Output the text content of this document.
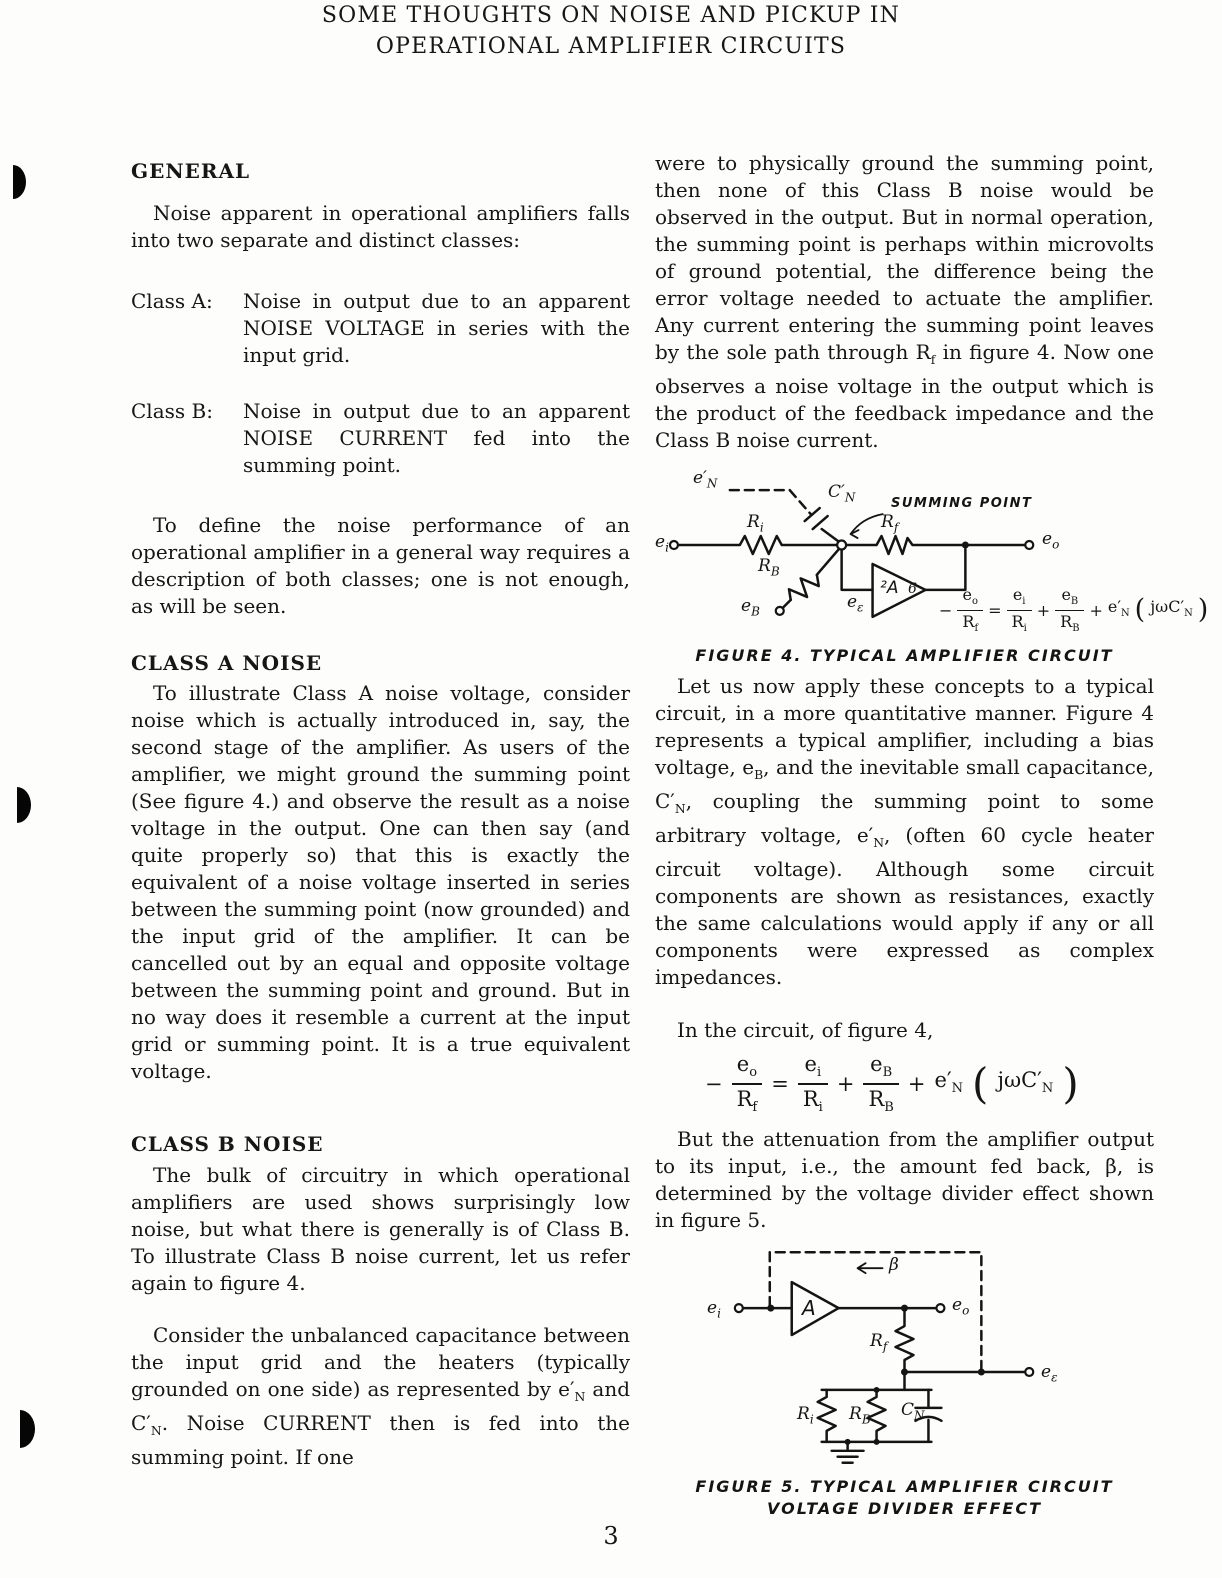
SOME THOUGHTS ON NOISE AND PICKUP IN
OPERATIONAL AMPLIFIER CIRCUITS
GENERAL

Noise apparent in operational amplifiers falls into two separate and distinct classes:

Class A:	Noise in output due to an apparent NOISE VOLTAGE in series with the input grid.
Class B:	Noise in output due to an apparent NOISE CURRENT fed into the summing point.

To define the noise performance of an operational amplifier in a general way requires a description of both classes; one is not enough, as will be seen.

CLASS A NOISE

To illustrate Class A noise voltage, consider noise which is actually introduced in, say, the second stage of the amplifier. As users of the amplifier, we might ground the summing point (See figure 4.) and observe the result as a noise voltage in the output. One can then say (and quite properly so) that this is exactly the equivalent of a noise voltage inserted in series between the summing point (now grounded) and the input grid of the amplifier. It can be cancelled out by an equal and opposite voltage between the summing point and ground. But in no way does it resemble a current at the input grid or summing point. It is a true equivalent voltage.

CLASS B NOISE

The bulk of circuitry in which operational amplifiers are used shows surprisingly low noise, but what there is generally is of Class B. To illustrate Class B noise current, let us refer again to figure 4.

Consider the unbalanced capacitance between the input grid and the heaters (typically grounded on one side) as represented by $e'_N$ and $C'_N$. Noise CURRENT then is fed into the summing point. If one

were to physically ground the summing point, then none of this Class B noise would be observed in the output. But in normal operation, the summing point is perhaps within microvolts of ground potential, the difference being the error voltage needed to actuate the amplifier. Any current entering the summing point leaves by the sole path through $R_f$ in figure 4. Now one observes a noise voltage in the output which is the product of the feedback impedance and the Class B noise current.

$e'_N$	$C'_N$	SUMMING POINT
$R_i$	$R_f$
$e_i$	$e_o$
$R_B$
$e_B$	$e_\varepsilon$
²A 6
− $\frac{e_o}{R_f} = \frac{e_i}{R_i} + \frac{e_B}{R_B} + e'_N$ ( $j\omega C'_N$ )
FIGURE 4. TYPICAL AMPLIFIER CIRCUIT

Let us now apply these concepts to a typical circuit, in a more quantitative manner. Figure 4 represents a typical amplifier, including a bias voltage, $e_B$, and the inevitable small capacitance, $C'_N$, coupling the summing point to some arbitrary voltage, $e'_N$, (often 60 cycle heater circuit voltage). Although some circuit components are shown as resistances, exactly the same calculations would apply if any or all components were expressed as complex impedances.

In the circuit, of figure 4,

− $\frac{e_o}{R_f} = \frac{e_i}{R_i} + \frac{e_B}{R_B} + e'_N$ ( $j\omega C'_N$ )

But the attenuation from the amplifier output to its input, i.e., the amount fed back, β, is determined by the voltage divider effect shown in figure 5.

$e_i$	A	$e_o$
β
$R_f$
$e_\varepsilon$
$R_i$ $R_B$ $C_N$
FIGURE 5. TYPICAL AMPLIFIER CIRCUIT
VOLTAGE DIVIDER EFFECT
3
